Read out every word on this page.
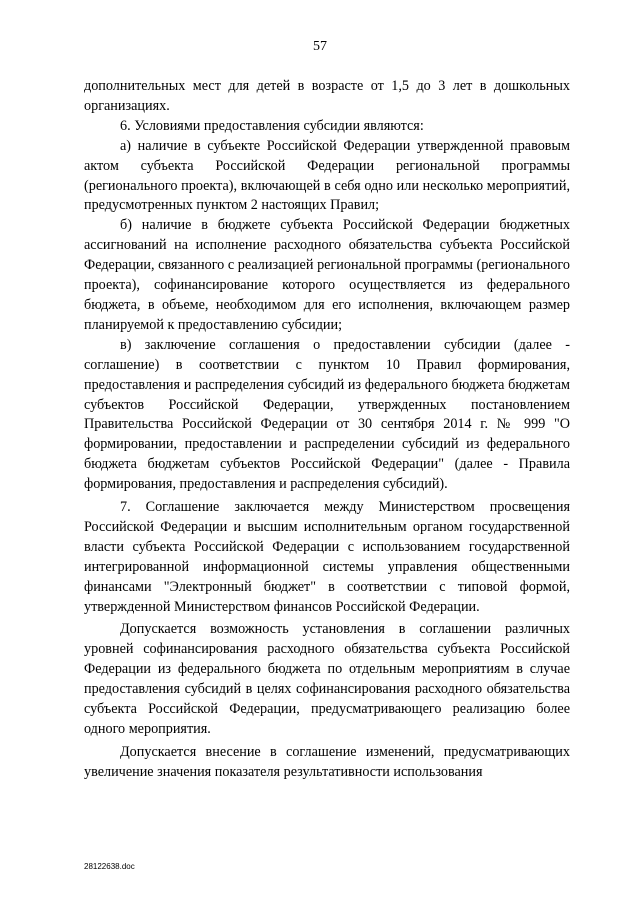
57

дополнительных мест для детей в возрасте от 1,5 до 3 лет в дошкольных организациях.

6. Условиями предоставления субсидии являются:

а) наличие в субъекте Российской Федерации утвержденной правовым актом субъекта Российской Федерации региональной программы (регионального проекта), включающей в себя одно или несколько мероприятий, предусмотренных пунктом 2 настоящих Правил;

б) наличие в бюджете субъекта Российской Федерации бюджетных ассигнований на исполнение расходного обязательства субъекта Российской Федерации, связанного с реализацией региональной программы (регионального проекта), софинансирование которого осуществляется из федерального бюджета, в объеме, необходимом для его исполнения, включающем размер планируемой к предоставлению субсидии;

в) заключение соглашения о предоставлении субсидии (далее - соглашение) в соответствии с пунктом 10 Правил формирования, предоставления и распределения субсидий из федерального бюджета бюджетам субъектов Российской Федерации, утвержденных постановлением Правительства Российской Федерации от 30 сентября 2014 г. № 999 "О формировании, предоставлении и распределении субсидий из федерального бюджета бюджетам субъектов Российской Федерации" (далее - Правила формирования, предоставления и распределения субсидий).

7. Соглашение заключается между Министерством просвещения Российской Федерации и высшим исполнительным органом государственной власти субъекта Российской Федерации с использованием государственной интегрированной информационной системы управления общественными финансами "Электронный бюджет" в соответствии с типовой формой, утвержденной Министерством финансов Российской Федерации.

Допускается возможность установления в соглашении различных уровней софинансирования расходного обязательства субъекта Российской Федерации из федерального бюджета по отдельным мероприятиям в случае предоставления субсидий в целях софинансирования расходного обязательства субъекта Российской Федерации, предусматривающего реализацию более одного мероприятия.

Допускается внесение в соглашение изменений, предусматривающих увеличение значения показателя результативности использования

28122638.doc
